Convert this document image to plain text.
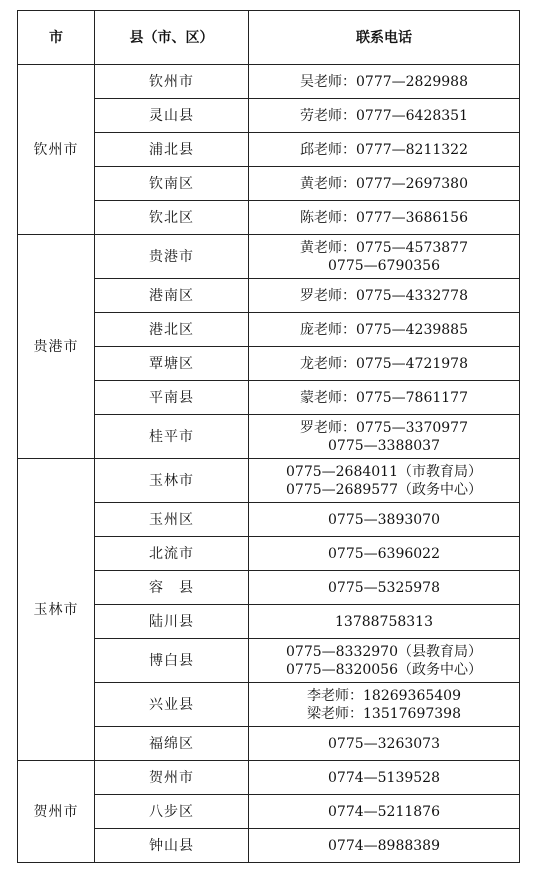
市	县（市、区）	联系电话
钦州市	钦州市	吴老师：0777—2829988

	灵山县	劳老师：0777—6428351

	浦北县	邱老师：0777—8211322

	钦南区	黄老师：0777—2697380

	钦北区	陈老师：0777—3686156

贵港市	贵港市	黄老师：0775—4573877
0775—6790356

	港南区	罗老师：0775—4332778

	港北区	庞老师：0775—4239885

	覃塘区	龙老师：0775—4721978

	平南县	蒙老师：0775—7861177

	桂平市	罗老师：0775—3370977
0775—3388037

玉林市	玉林市	0775—2684011（市教育局）
0775—2689577（政务中心）

	玉州区	0775—3893070

	北流市	0775—6396022

	容　县	0775—5325978

	陆川县	13788758313

	博白县	0775—8332970（县教育局）
0775—8320056（政务中心）

	兴业县	李老师：18269365409
梁老师：13517697398

	福绵区	0775—3263073

贺州市	贺州市	0774—5139528

	八步区	0774—5211876

	钟山县	0774—8988389
